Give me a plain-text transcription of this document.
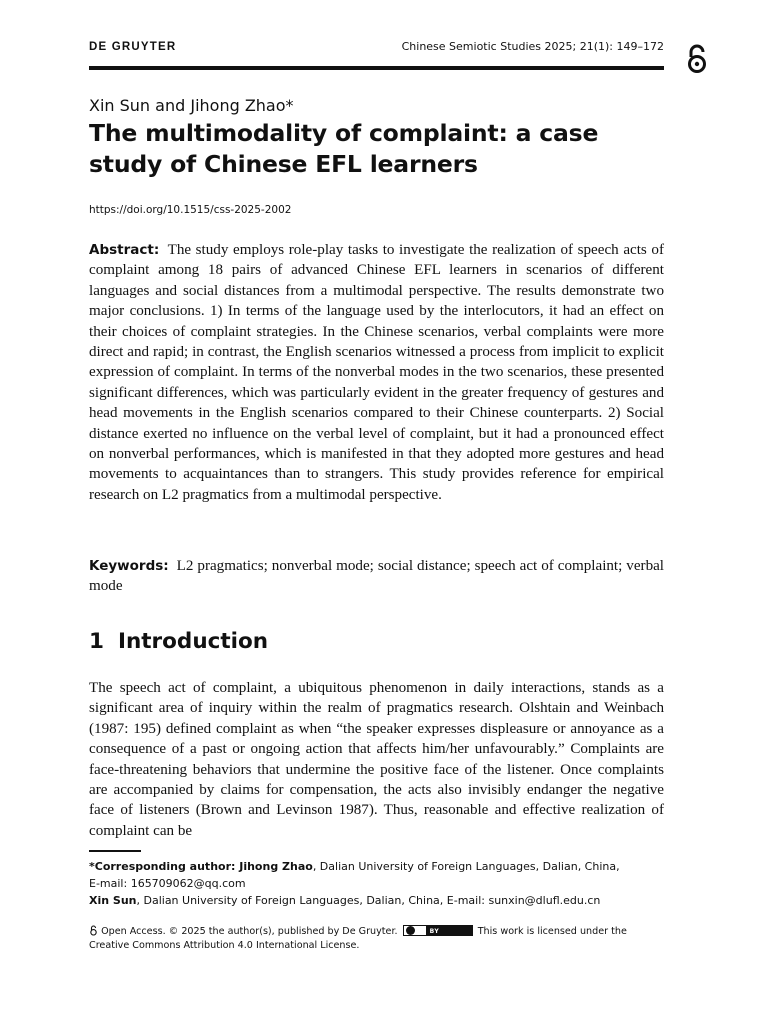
DE GRUYTER	Chinese Semiotic Studies 2025; 21(1): 149–172
Xin Sun and Jihong Zhao*
The multimodality of complaint: a case study of Chinese EFL learners
https://doi.org/10.1515/css-2025-2002

Abstract: The study employs role-play tasks to investigate the realization of speech acts of complaint among 18 pairs of advanced Chinese EFL learners in scenarios of different languages and social distances from a multimodal perspective. The results demonstrate two major conclusions. 1) In terms of the language used by the interlocutors, it had an effect on their choices of complaint strategies. In the Chinese scenarios, verbal complaints were more direct and rapid; in contrast, the English scenarios witnessed a process from implicit to explicit expression of complaint. In terms of the nonverbal modes in the two scenarios, these presented significant differences, which was particularly evident in the greater frequency of gestures and head movements in the English scenarios compared to their Chinese counterparts. 2) Social distance exerted no influence on the verbal level of complaint, but it had a pronounced effect on nonverbal performances, which is manifested in that they adopted more gestures and head movements to acquaintances than to strangers. This study provides reference for empirical research on L2 pragmatics from a multimodal perspective.

Keywords: L2 pragmatics; nonverbal mode; social distance; speech act of complaint; verbal mode

1 Introduction

The speech act of complaint, a ubiquitous phenomenon in daily interactions, stands as a significant area of inquiry within the realm of pragmatics research. Olshtain and Weinbach (1987: 195) defined complaint as when “the speaker expresses displeasure or annoyance as a consequence of a past or ongoing action that affects him/her unfavourably.” Complaints are face-threatening behaviors that undermine the positive face of the listener. Once complaints are accompanied by claims for compensation, the acts also invisibly endanger the negative face of listeners (Brown and Levinson 1987). Thus, reasonable and effective realization of complaint can be

*Corresponding author: Jihong Zhao, Dalian University of Foreign Languages, Dalian, China,
E-mail: 165709062@qq.com
Xin Sun, Dalian University of Foreign Languages, Dalian, China, E-mail: sunxin@dlufl.edu.cn
Open Access. © 2025 the author(s), published by De Gruyter.	BY	This work is licensed under the Creative Commons Attribution 4.0 International License.
